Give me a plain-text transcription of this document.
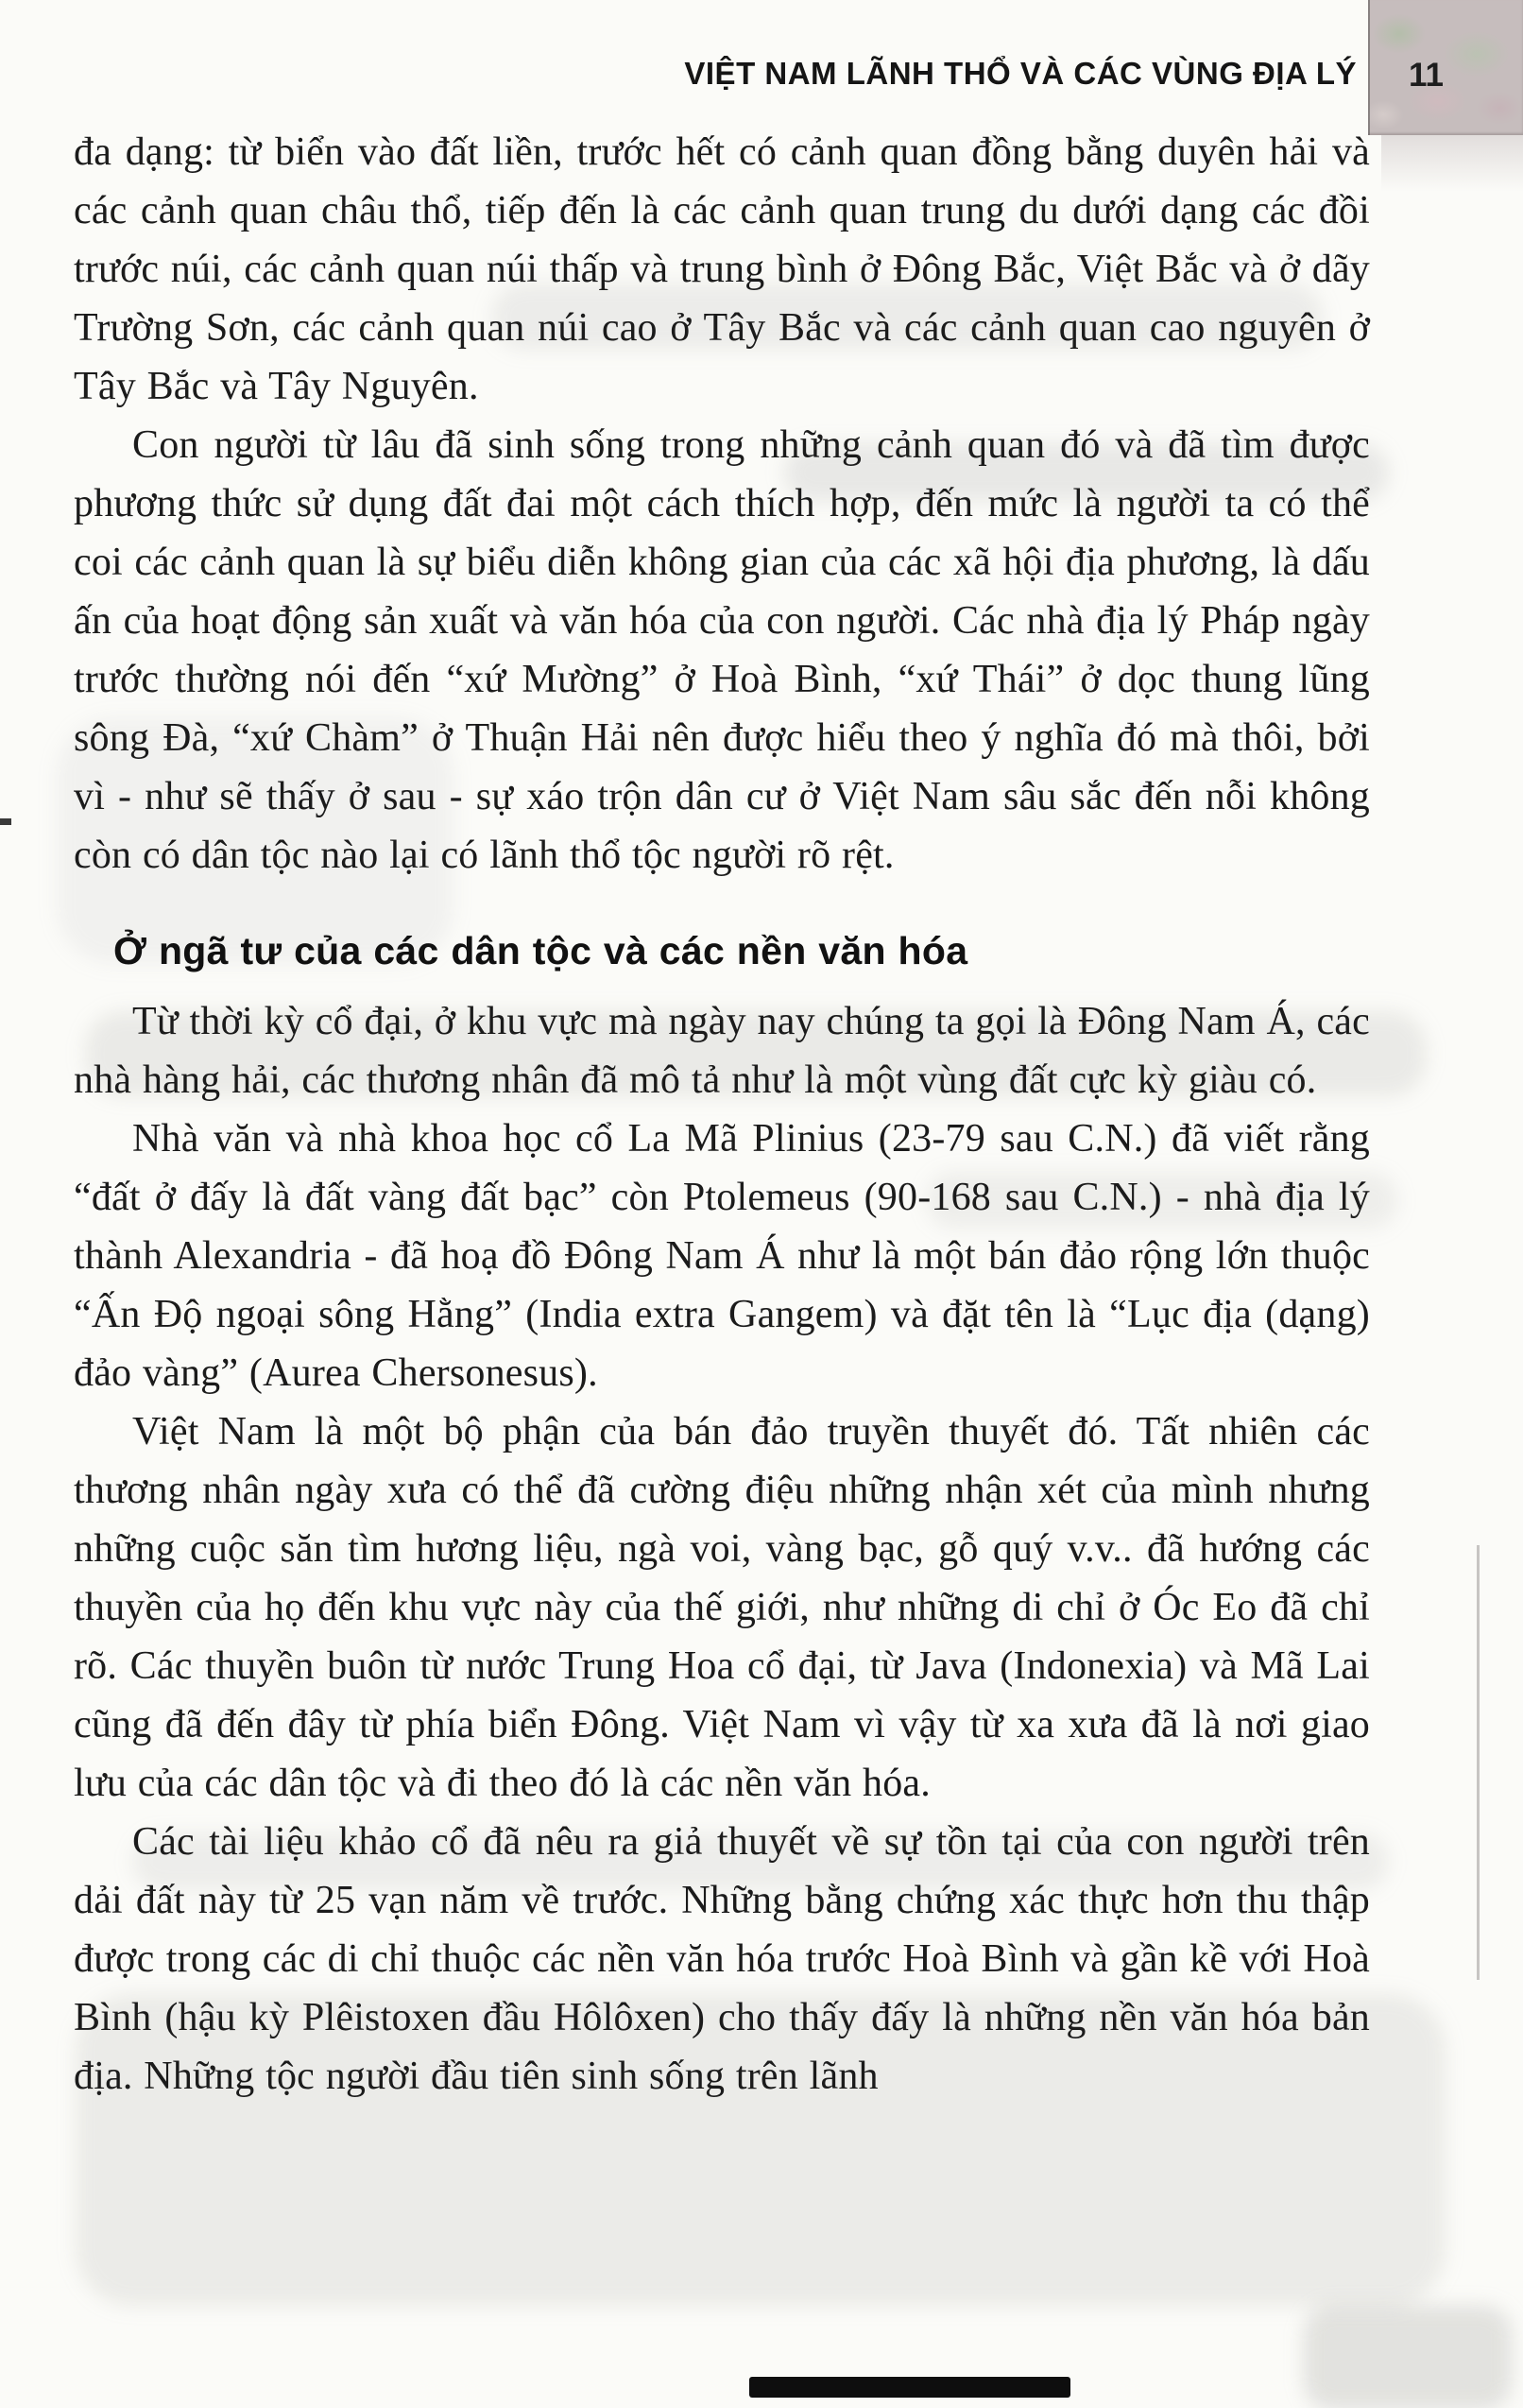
VIỆT NAM LÃNH THỔ VÀ CÁC VÙNG ĐỊA LÝ 11

đa dạng: từ biển vào đất liền, trước hết có cảnh quan đồng bằng duyên hải và các cảnh quan châu thổ, tiếp đến là các cảnh quan trung du dưới dạng các đồi trước núi, các cảnh quan núi thấp và trung bình ở Đông Bắc, Việt Bắc và ở dãy Trường Sơn, các cảnh quan núi cao ở Tây Bắc và các cảnh quan cao nguyên ở Tây Bắc và Tây Nguyên.

Con người từ lâu đã sinh sống trong những cảnh quan đó và đã tìm được phương thức sử dụng đất đai một cách thích hợp, đến mức là người ta có thể coi các cảnh quan là sự biểu diễn không gian của các xã hội địa phương, là dấu ấn của hoạt động sản xuất và văn hóa của con người. Các nhà địa lý Pháp ngày trước thường nói đến “xứ Mường” ở Hoà Bình, “xứ Thái” ở dọc thung lũng sông Đà, “xứ Chàm” ở Thuận Hải nên được hiểu theo ý nghĩa đó mà thôi, bởi vì - như sẽ thấy ở sau - sự xáo trộn dân cư ở Việt Nam sâu sắc đến nỗi không còn có dân tộc nào lại có lãnh thổ tộc người rõ rệt.

Ở ngã tư của các dân tộc và các nền văn hóa

Từ thời kỳ cổ đại, ở khu vực mà ngày nay chúng ta gọi là Đông Nam Á, các nhà hàng hải, các thương nhân đã mô tả như là một vùng đất cực kỳ giàu có.

Nhà văn và nhà khoa học cổ La Mã Plinius (23-79 sau C.N.) đã viết rằng “đất ở đấy là đất vàng đất bạc” còn Ptolemeus (90-168 sau C.N.) - nhà địa lý thành Alexandria - đã hoạ đồ Đông Nam Á như là một bán đảo rộng lớn thuộc “Ấn Độ ngoại sông Hằng” (India extra Gangem) và đặt tên là “Lục địa (dạng) đảo vàng” (Aurea Chersonesus).

Việt Nam là một bộ phận của bán đảo truyền thuyết đó. Tất nhiên các thương nhân ngày xưa có thể đã cường điệu những nhận xét của mình nhưng những cuộc săn tìm hương liệu, ngà voi, vàng bạc, gỗ quý v.v.. đã hướng các thuyền của họ đến khu vực này của thế giới, như những di chỉ ở Óc Eo đã chỉ rõ. Các thuyền buôn từ nước Trung Hoa cổ đại, từ Java (Indonexia) và Mã Lai cũng đã đến đây từ phía biển Đông. Việt Nam vì vậy từ xa xưa đã là nơi giao lưu của các dân tộc và đi theo đó là các nền văn hóa.

Các tài liệu khảo cổ đã nêu ra giả thuyết về sự tồn tại của con người trên dải đất này từ 25 vạn năm về trước. Những bằng chứng xác thực hơn thu thập được trong các di chỉ thuộc các nền văn hóa trước Hoà Bình và gần kề với Hoà Bình (hậu kỳ Plêistoxen đầu Hôlôxen) cho thấy đấy là những nền văn hóa bản địa. Những tộc người đầu tiên sinh sống trên lãnh
